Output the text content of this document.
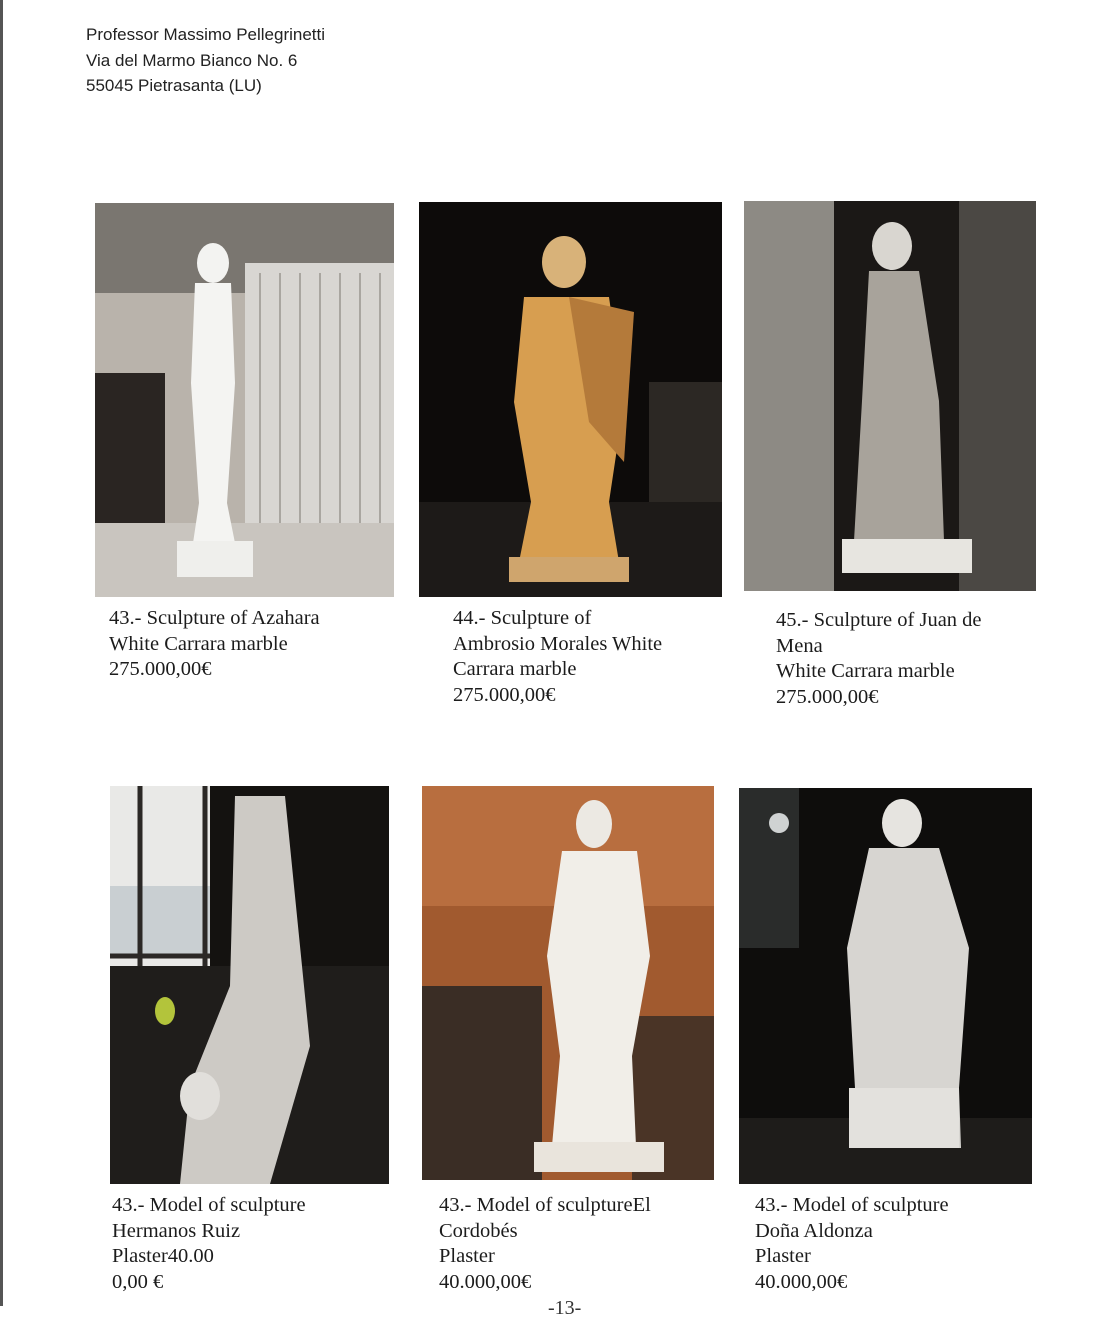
Professor Massimo Pellegrinetti
Via del Marmo Bianco No. 6
55045 Pietrasanta (LU)
43.- Sculpture of Azahara
White Carrara marble
275.000,00€
44.- Sculpture of
Ambrosio Morales White
Carrara marble
275.000,00€
45.- Sculpture of Juan de
Mena
White Carrara marble
275.000,00€
43.- Model of sculpture
Hermanos Ruiz
Plaster40.00
0,00 €
43.- Model of sculptureEl
Cordobés
Plaster
40.000,00€
43.- Model of sculpture
Doña Aldonza
Plaster
40.000,00€
-13-
